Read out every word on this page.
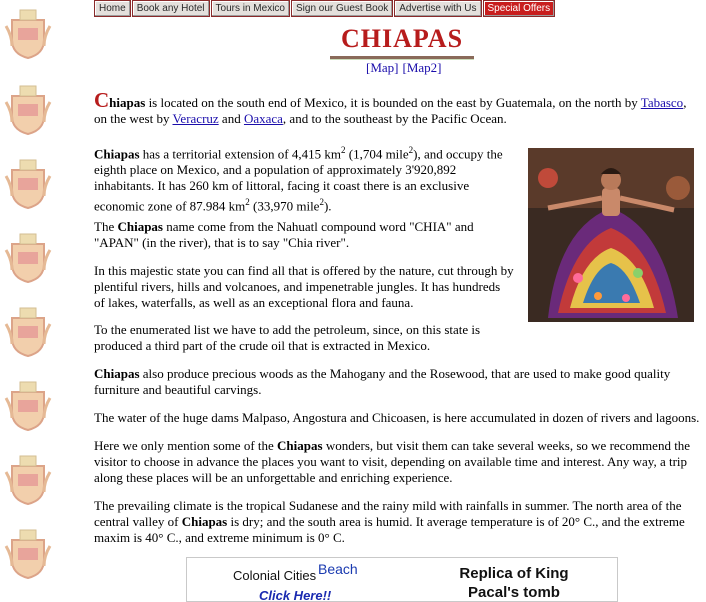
Home	Book any Hotel	Tours in Mexico	Sign our Guest Book	Advertise with Us	Special Offers
CHIAPAS
[Map] [Map2]

Chiapas is located on the south end of Mexico, it is bounded on the east by Guatemala, on the north by Tabasco, on the west by Veracruz and Oaxaca, and to the southeast by the Pacific Ocean.

Chiapas has a territorial extension of 4,415 $km^2$ (1,704 mile$^2$), and occupy the eighth place on Mexico, and a population of approximately 3'920,892 inhabitants. It has 260 km of littoral, facing it coast there is an exclusive economic zone of 87.984 $km^2$ (33,970 mile$^2$).

The Chiapas name come from the Nahuatl compound word "CHIA" and "APAN" (in the river), that is to say "Chia river".

In this majestic state you can find all that is offered by the nature, cut through by plentiful rivers, hills and volcanoes, and impenetrable jungles. It has hundreds of lakes, waterfalls, as well as an exceptional flora and fauna.

To the enumerated list we have to add the petroleum, since, on this state is produced a third part of the crude oil that is extracted in Mexico.

Chiapas also produce precious woods as the Mahogany and the Rosewood, that are used to make good quality furniture and beautiful carvings.

The water of the huge dams Malpaso, Angostura and Chicoasen, is here accumulated in dozen of rivers and lagoons.

Here we only mention some of the Chiapas wonders, but visit them can take several weeks, so we recommend the visitor to choose in advance the places you want to visit, depending on available time and interest. Any way, a trip along these places will be an unforgettable and enriching experience.

The prevailing climate is the tropical Sudanese and the rainy mild with rainfalls in summer. The north area of the central valley of Chiapas is dry; and the south area is humid. It average temperature is of 20° C., and the extreme maxim is 40° C., and extreme minimum is 0° C.

Colonial Cities Beach
Click Here!!
Replica of King
Pacal's tomb
